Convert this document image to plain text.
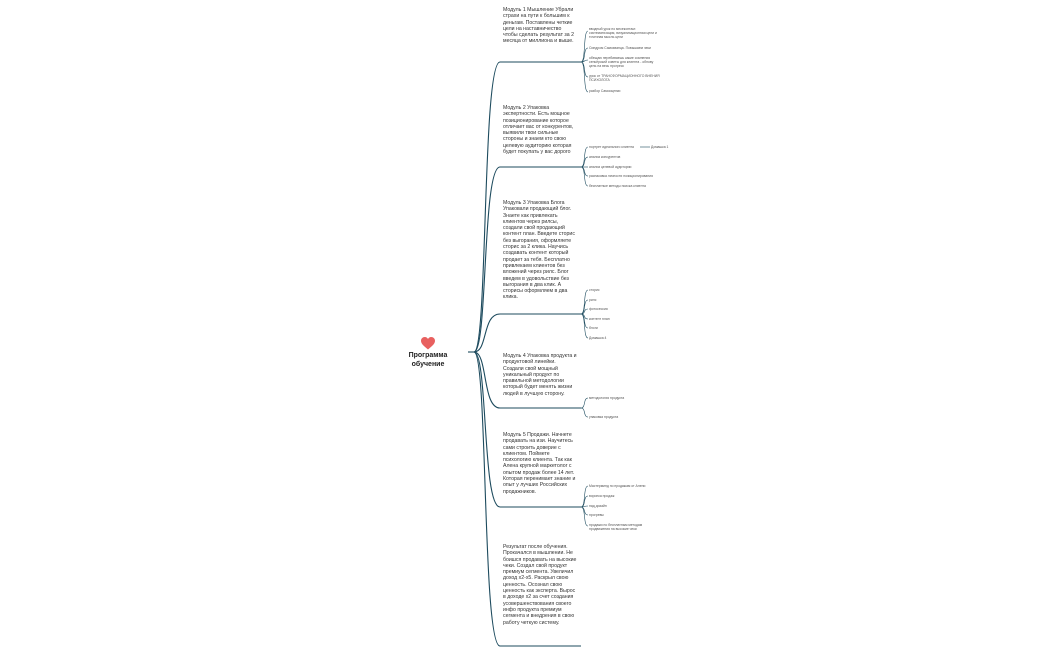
Программа
обучение
Модуль 1 Мышление Убрали страхи на пути к большим к деньгам. Поставлены четкие цели на наставничество чтобы сделать результат за 2 месяца от миллиона и выше.
Модуль 2 Упаковка экспертности. Есть мощное позиционирование которое отличает вас от конкурентов, выявили твои сильные стороны и знаем кто свою целевую аудиторию которая будет покупать у вас дорого
Модуль 3 Упаковка Блога Упаковали продающий блог. Знаете как привлекать клиентов через рилсы, создали свой продающий контент план. Введете сторис без выгорания, оформляете сторис за 2 клика. Научись создавать контент который продает за тебя. Бесплатно привлекаем клиентов без вложений через рилс. Блог введем в удовольствие без выгорания в два клик. А сторисы оформляем в два клика.
Модуль 4 Упаковка продукта и продуктовой линейки. Создали свой мощный уникальный продукт по правильной методологии который будет менять жизни людей в лучшую сторону.
Модуль 5 Продажи. Начнете продавать на изи. Научитесь сами строить доверие с клиентом. Поймете психологию клиента. Так как Алена крупной маркетолог с опытом продаж более 14 лет. Которая перенимает знание и опыт у лучших Российских продажников.
Результат после обучения. Прокачался в мышлении. Не боишся продавать на высокие чеки. Создал свой продукт премиум сегмента. Увеличил доход x2-x5. Раскрыл свою ценность. Осознал свою ценность как эксперта. Вырос в доходе x2 за счет создания усовершенствования своего инфо продукта премиум сегмента и внедрения в свою работу четкую систему.
вводный урок по мнсекоптам: систематизация, визуализационная цели и точечная мысль цели
Синдром Самозванца. Повышаем чеки
обещаю перебиваешь какие сомнения сеньёрский советы для клиента - обнову цель на весь прогресс
урок от ТРАНСФОРМАЦИОННОГО ВНЕНИЯ ПСИХОЛОГА
разбор Самооценки
портрет идеального клиента	Домашка 1
анализ конкурентов
анализ целевой аудитории
распаковка личности позиционирования
бесплатные методы поиска клиента
сторис
рилс
фотосессия
контент план
блоги
Домашка 4
методология продукта
упаковка продукта
Мастерминд по продажам от Алени
воронка продаж
над дизайн
прогревы
продажи по бесплатным методам продвижения на высокие чеки
